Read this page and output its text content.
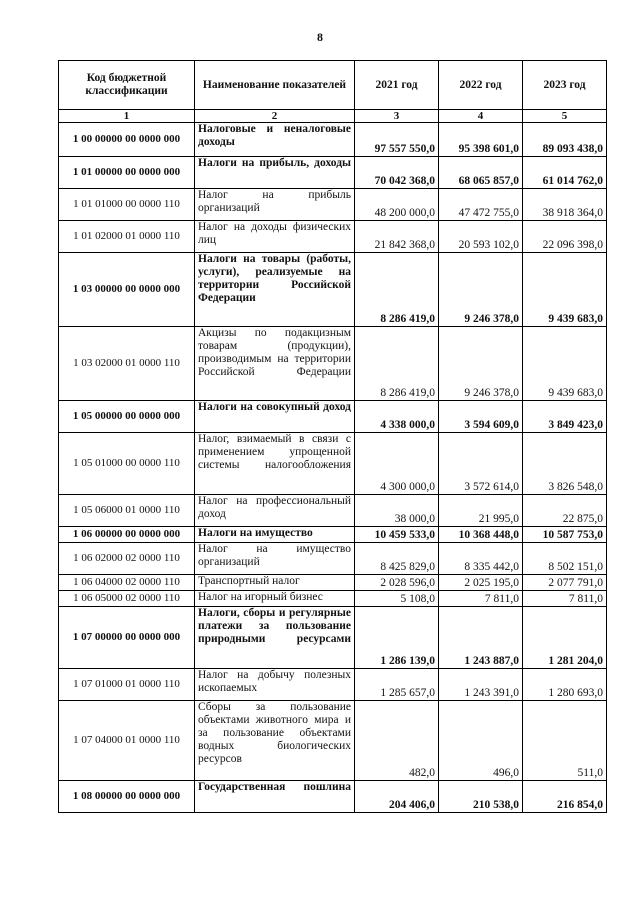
8
Код бюджетной классификации	Наименование показателей	2021 год	2022 год	2023 год
1	2	3	4	5
1 00 00000 00 0000 000	Налоговые и неналоговые доходы	97 557 550,0	95 398 601,0	89 093 438,0
1 01 00000 00 0000 000	Налоги на прибыль, доходы	70 042 368,0	68 065 857,0	61 014 762,0
1 01 01000 00 0000 110	Налог на прибыль организаций	48 200 000,0	47 472 755,0	38 918 364,0
1 01 02000 01 0000 110	Налог на доходы физических лиц	21 842 368,0	20 593 102,0	22 096 398,0
1 03 00000 00 0000 000	Налоги на товары (работы, услуги), реализуемые на территории Российской Федерации	8 286 419,0	9 246 378,0	9 439 683,0
1 03 02000 01 0000 110	Акцизы по подакцизным товарам (продукции), производимым на территории Российской Федерации	8 286 419,0	9 246 378,0	9 439 683,0
1 05 00000 00 0000 000	Налоги на совокупный доход	4 338 000,0	3 594 609,0	3 849 423,0
1 05 01000 00 0000 110	Налог, взимаемый в связи с применением упрощенной системы налогообложения	4 300 000,0	3 572 614,0	3 826 548,0
1 05 06000 01 0000 110	Налог на профессиональный доход	38 000,0	21 995,0	22 875,0
1 06 00000 00 0000 000	Налоги на имущество	10 459 533,0	10 368 448,0	10 587 753,0
1 06 02000 02 0000 110	Налог на имущество организаций	8 425 829,0	8 335 442,0	8 502 151,0
1 06 04000 02 0000 110	Транспортный налог	2 028 596,0	2 025 195,0	2 077 791,0
1 06 05000 02 0000 110	Налог на игорный бизнес	5 108,0	7 811,0	7 811,0
1 07 00000 00 0000 000	Налоги, сборы и регулярные платежи за пользование природными ресурсами	1 286 139,0	1 243 887,0	1 281 204,0
1 07 01000 01 0000 110	Налог на добычу полезных ископаемых	1 285 657,0	1 243 391,0	1 280 693,0
1 07 04000 01 0000 110	Сборы за пользование объектами животного мира и за пользование объектами водных биологических ресурсов	482,0	496,0	511,0
1 08 00000 00 0000 000	Государственная пошлина	204 406,0	210 538,0	216 854,0
